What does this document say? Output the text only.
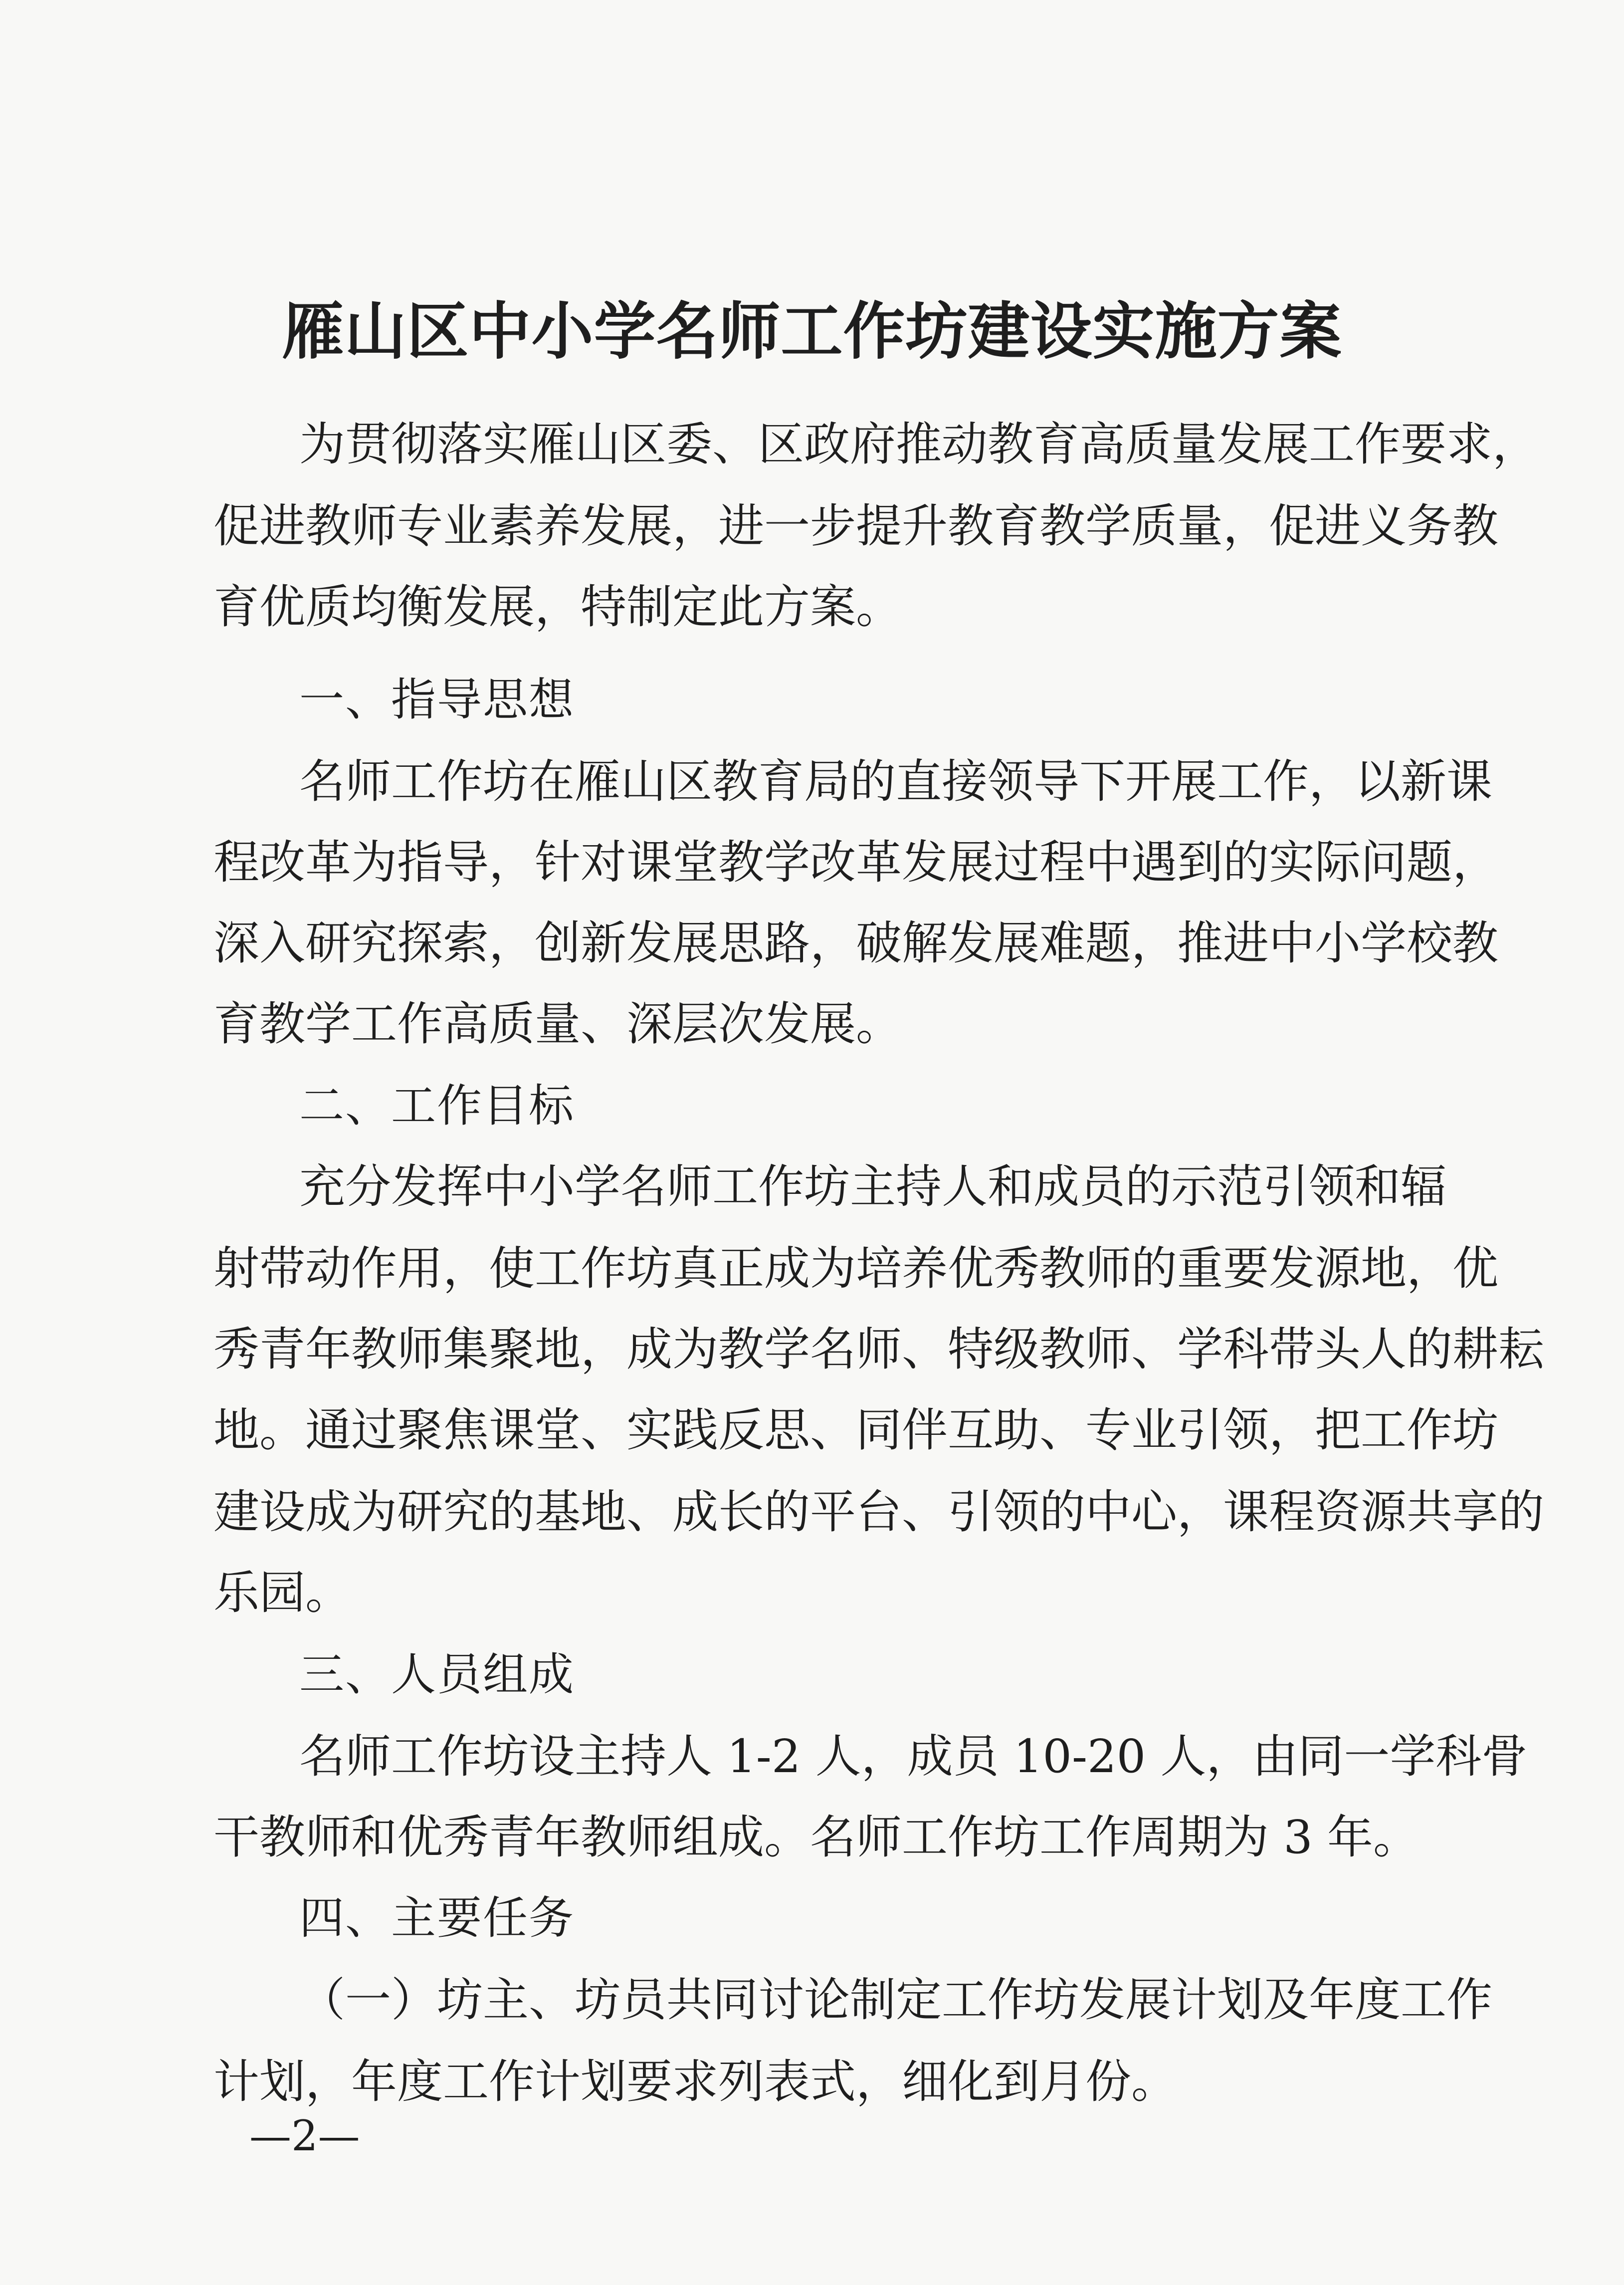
雁山区中小学名师工作坊建设实施方案

为贯彻落实雁山区委、区政府推动教育高质量发展工作要求，

促进教师专业素养发展，进一步提升教育教学质量，促进义务教

育优质均衡发展，特制定此方案。

一、指导思想

名师工作坊在雁山区教育局的直接领导下开展工作，以新课

程改革为指导，针对课堂教学改革发展过程中遇到的实际问题，

深入研究探索，创新发展思路，破解发展难题，推进中小学校教

育教学工作高质量、深层次发展。

二、工作目标

充分发挥中小学名师工作坊主持人和成员的示范引领和辐

射带动作用，使工作坊真正成为培养优秀教师的重要发源地，优

秀青年教师集聚地，成为教学名师、特级教师、学科带头人的耕耘

地。通过聚焦课堂、实践反思、同伴互助、专业引领，把工作坊

建设成为研究的基地、成长的平台、引领的中心，课程资源共享的

乐园。

三、人员组成

名师工作坊设主持人 1-2 人，成员 10-20 人，由同一学科骨

干教师和优秀青年教师组成。名师工作坊工作周期为 3 年。

四、主要任务

（一）坊主、坊员共同讨论制定工作坊发展计划及年度工作

计划，年度工作计划要求列表式，细化到月份。

—2—
